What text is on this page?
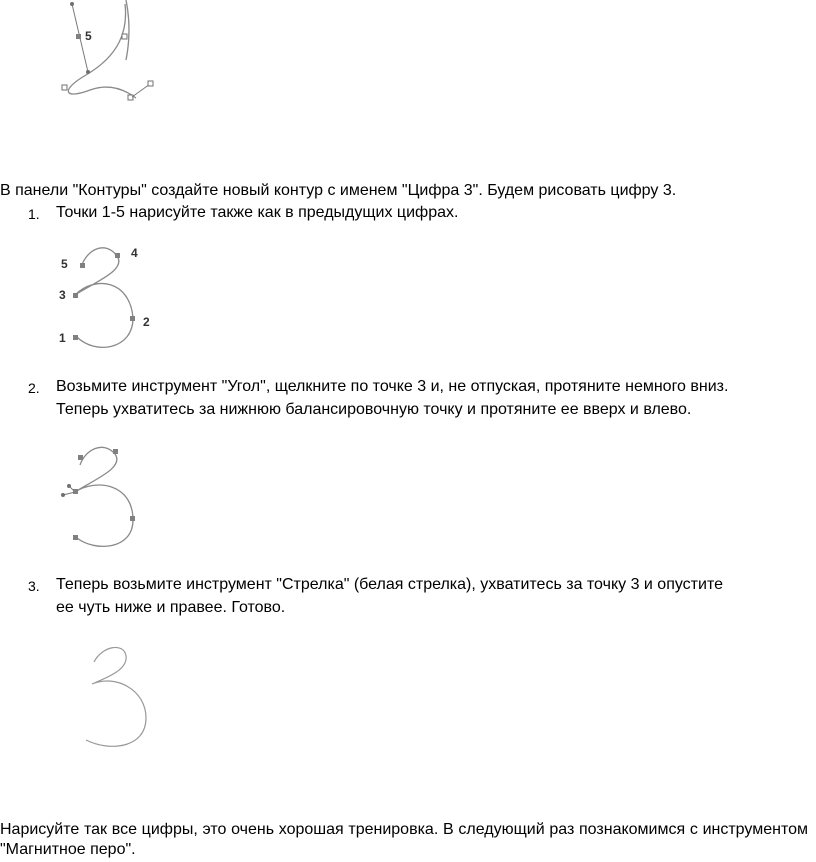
5
В панели "Контуры" создайте новый контур с именем "Цифра 3". Будем рисовать цифру 3.
1. Точки 1-5 нарисуйте также как в предыдущих цифрах.
5
4
3
2
1
2. Возьмите инструмент "Угол", щелкните по точке 3 и, не отпуская, протяните немного вниз.
Теперь ухватитесь за нижнюю балансировочную точку и протяните ее вверх и влево.
3. Теперь возьмите инструмент "Стрелка" (белая стрелка), ухватитесь за точку 3 и опустите
ее чуть ниже и правее. Готово.
Нарисуйте так все цифры, это очень хорошая тренировка. В следующий раз познакомимся с инструментом "Магнитное перо".
